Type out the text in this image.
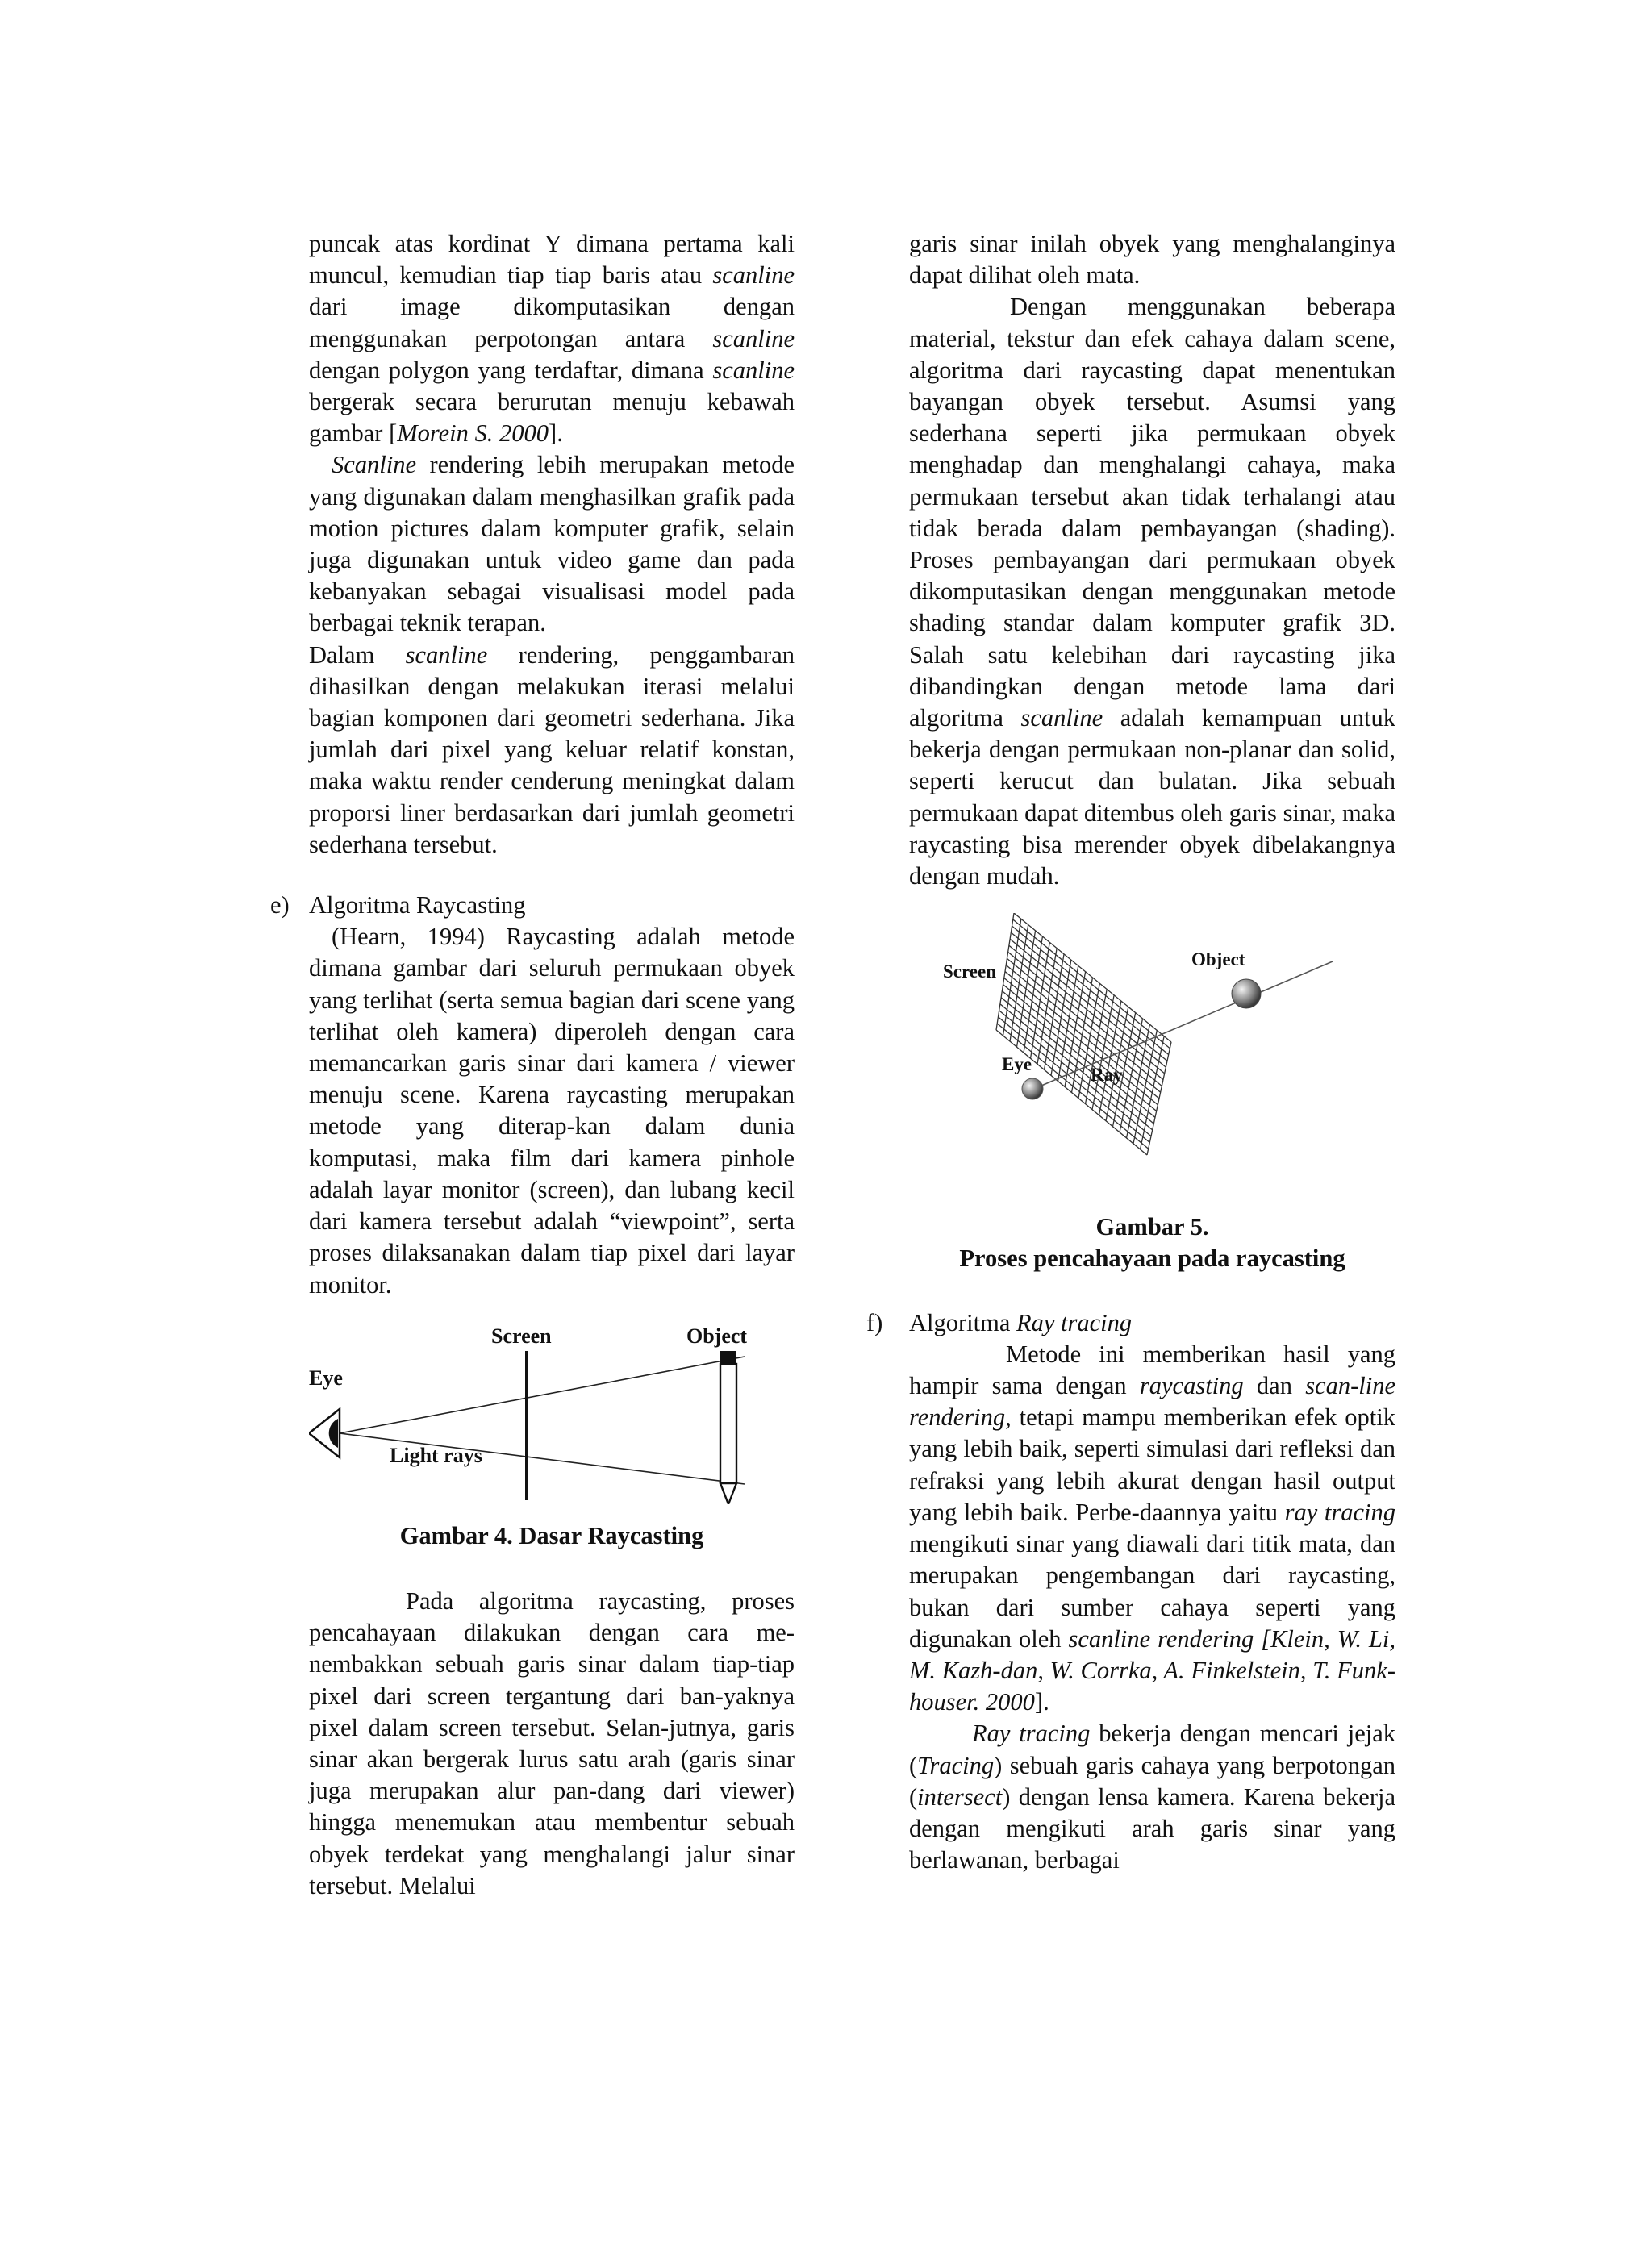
puncak atas kordinat Y dimana pertama kali muncul, kemudian tiap tiap baris atau scanline dari image dikomputasikan dengan menggunakan perpotongan antara scanline dengan polygon yang terdaftar, dimana scanline bergerak secara berurutan menuju kebawah gambar [Morein S. 2000].

Scanline rendering lebih merupakan metode yang digunakan dalam menghasilkan grafik pada motion pictures dalam komputer grafik, selain juga digunakan untuk video game dan pada kebanyakan sebagai visualisasi model pada berbagai teknik terapan.

Dalam scanline rendering, penggambaran dihasilkan dengan melakukan iterasi melalui bagian komponen dari geometri sederhana. Jika jumlah dari pixel yang keluar relatif konstan, maka waktu render cenderung meningkat dalam proporsi liner berdasarkan dari jumlah geometri sederhana tersebut.

e) Algoritma Raycasting

(Hearn, 1994) Raycasting adalah metode dimana gambar dari seluruh permukaan obyek yang terlihat (serta semua bagian dari scene yang terlihat oleh kamera) diperoleh dengan cara memancarkan garis sinar dari kamera / viewer menuju scene. Karena raycasting merupakan metode yang diterap-kan dalam dunia komputasi, maka film dari kamera pinhole adalah layar monitor (screen), dan lubang kecil dari kamera tersebut adalah “viewpoint”, serta proses dilaksanakan dalam tiap pixel dari layar monitor.

Screen	Object
Eye
Light rays

Gambar 4. Dasar Raycasting

Pada algoritma raycasting, proses pencahayaan dilakukan dengan cara me-nembakkan sebuah garis sinar dalam tiap-tiap pixel dari screen tergantung dari ban-yaknya pixel dalam screen tersebut. Selan-jutnya, garis sinar akan bergerak lurus satu arah (garis sinar juga merupakan alur pan-dang dari viewer) hingga menemukan atau membentur sebuah obyek terdekat yang menghalangi jalur sinar tersebut. Melalui

garis sinar inilah obyek yang menghalanginya dapat dilihat oleh mata.

Dengan menggunakan beberapa material, tekstur dan efek cahaya dalam scene, algoritma dari raycasting dapat menentukan bayangan obyek tersebut. Asumsi yang sederhana seperti jika permukaan obyek menghadap dan menghalangi cahaya, maka permukaan tersebut akan tidak terhalangi atau tidak berada dalam pembayangan (shading). Proses pembayangan dari permukaan obyek dikomputasikan dengan menggunakan metode shading standar dalam komputer grafik 3D. Salah satu kelebihan dari raycasting jika dibandingkan dengan metode lama dari algoritma scanline adalah kemampuan untuk bekerja dengan permukaan non-planar dan solid, seperti kerucut dan bulatan. Jika sebuah permukaan dapat ditembus oleh garis sinar, maka raycasting bisa merender obyek dibelakangnya dengan mudah.

Screen
Object
Eye
Ray

Gambar 5.

Proses pencahayaan pada raycasting

f) Algoritma Ray tracing

Metode ini memberikan hasil yang hampir sama dengan raycasting dan scan-line rendering, tetapi mampu memberikan efek optik yang lebih baik, seperti simulasi dari refleksi dan refraksi yang lebih akurat dengan hasil output yang lebih baik. Perbe-daannya yaitu ray tracing mengikuti sinar yang diawali dari titik mata, dan merupakan pengembangan dari raycasting, bukan dari sumber cahaya seperti yang digunakan oleh scanline rendering [Klein, W. Li, M. Kazh-dan, W. Corrka, A. Finkelstein, T. Funk-houser. 2000].

Ray tracing bekerja dengan mencari jejak (Tracing) sebuah garis cahaya yang berpotongan (intersect) dengan lensa kamera. Karena bekerja dengan mengikuti arah garis sinar yang berlawanan, berbagai
